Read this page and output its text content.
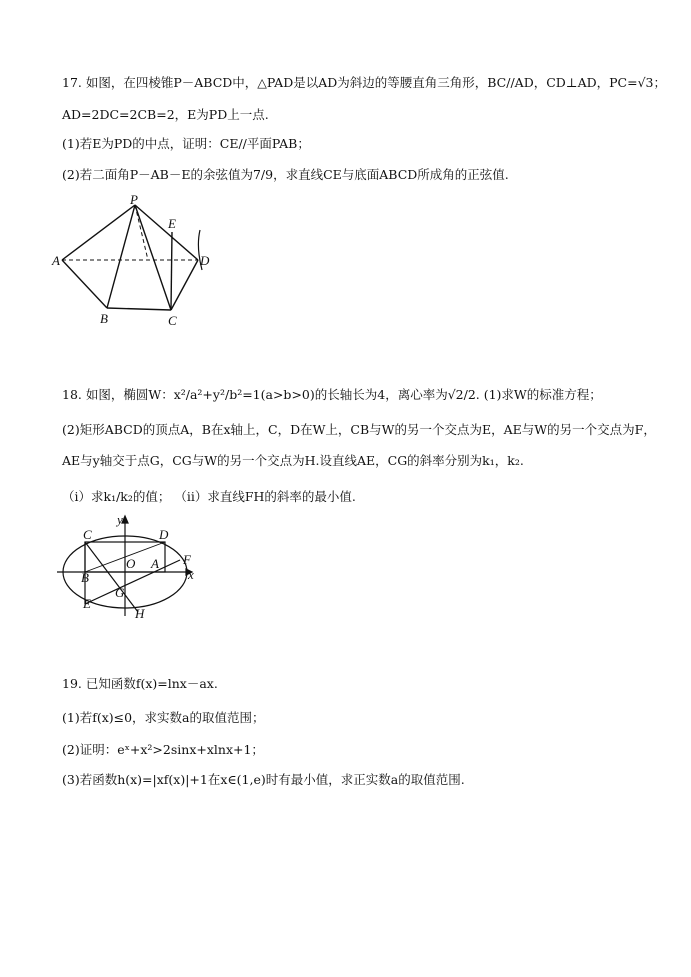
17. 如图，在四棱锥P－ABCD中，△PAD是以AD为斜边的等腰直角三角形，BC//AD，CD⊥AD，PC=√3；
AD=2DC=2CB=2，E为PD上一点.
(1)若E为PD的中点，证明：CE//平面PAB；
(2)若二面角P－AB－E的余弦值为7/9，求直线CE与底面ABCD所成角的正弦值.
P
E
A	D
B	C
18. 如图，椭圆W：x²/a²+y²/b²=1(a>b>0)的长轴长为4，离心率为√2/2. (1)求W的标准方程；
(2)矩形ABCD的顶点A，B在x轴上，C，D在W上，CB与W的另一个交点为E，AE与W的另一个交点为F，
AE与y轴交于点G，CG与W的另一个交点为H.设直线AE，CG的斜率分别为k₁，k₂.
（i）求k₁/k₂的值； （ii）求直线FH的斜率的最小值.
C	D
y
F
x
O A
B
G
E
H
19. 已知函数f(x)=lnx－ax.
(1)若f(x)≤0，求实数a的取值范围；
(2)证明：eˣ+x²>2sinx+xlnx+1；
(3)若函数h(x)=|xf(x)|+1在x∈(1,e)时有最小值，求正实数a的取值范围.
